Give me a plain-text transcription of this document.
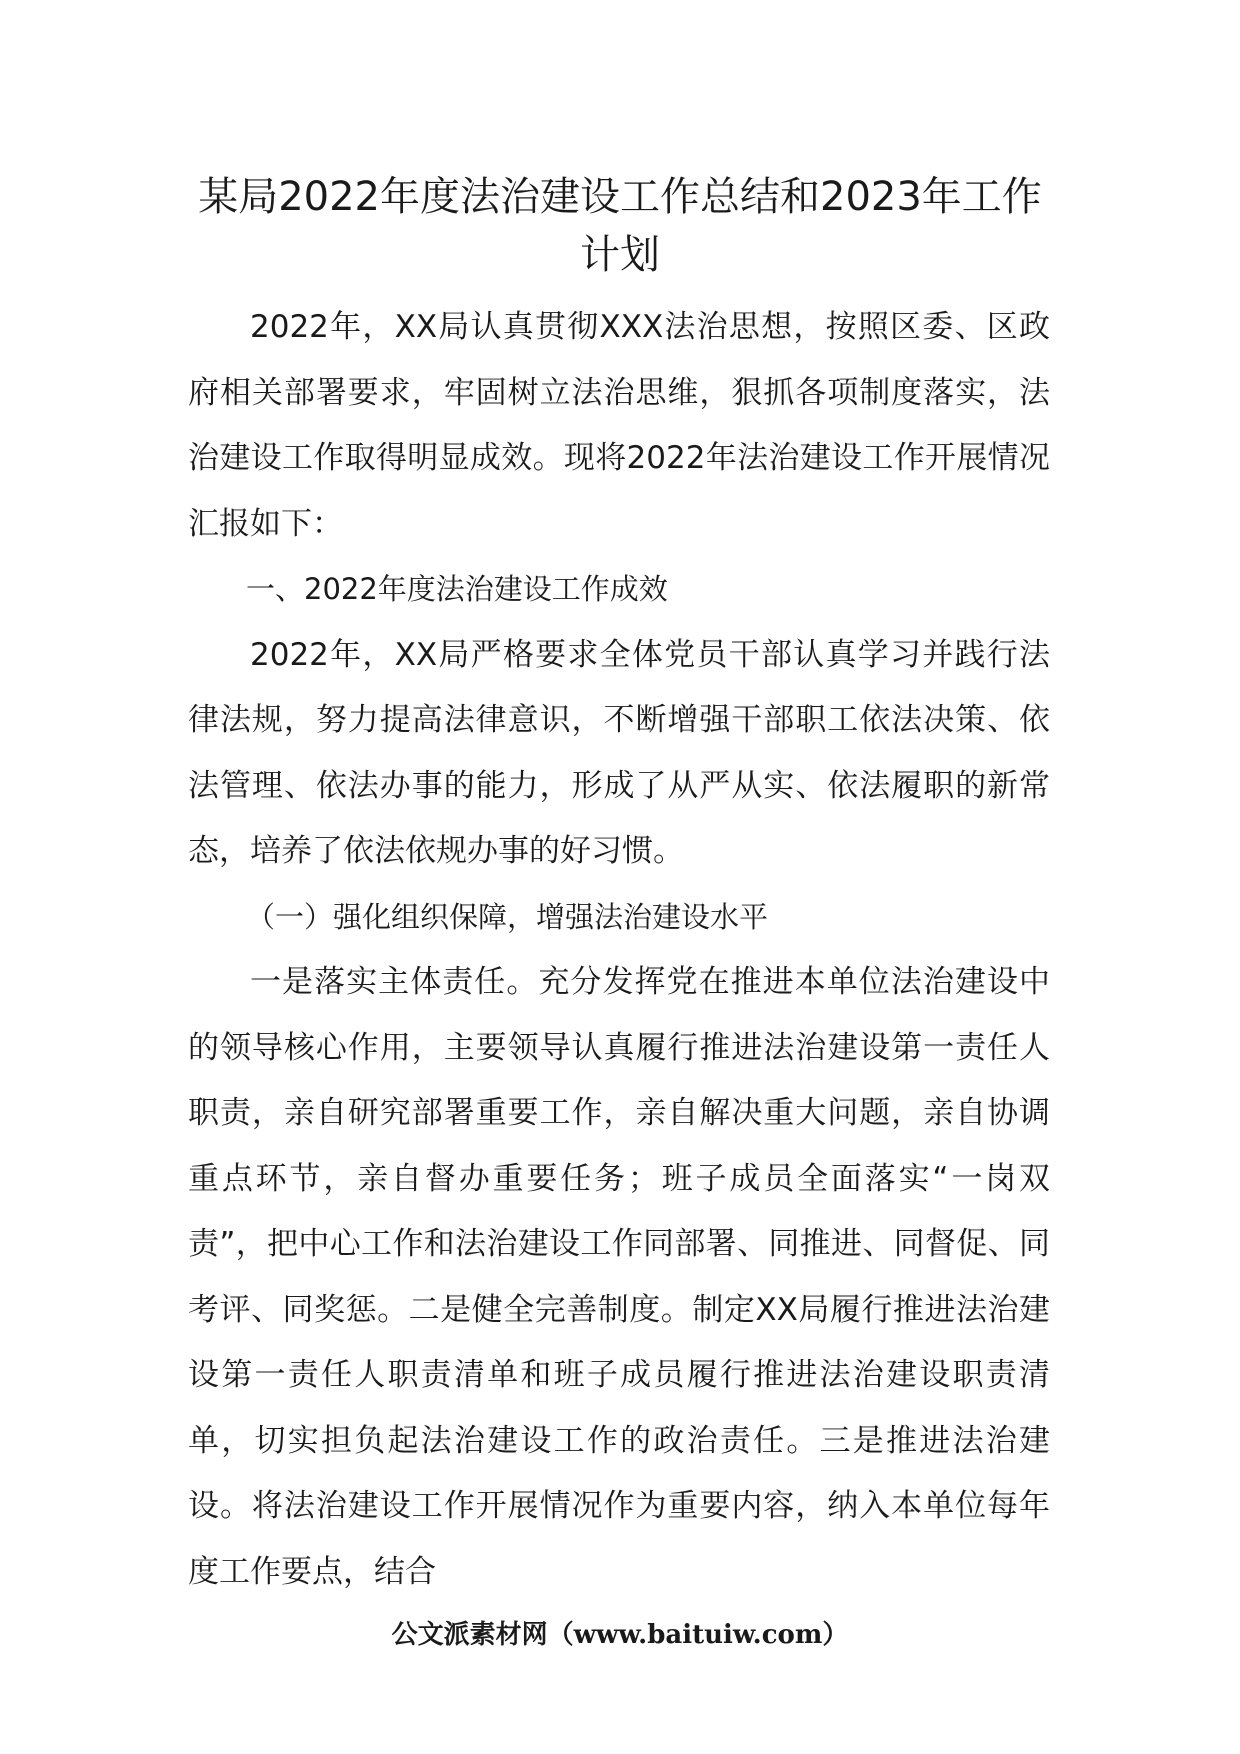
某局2022年度法治建设工作总结和2023年工作计划

2022年，XX局认真贯彻XXX法治思想，按照区委、区政府相关部署要求，牢固树立法治思维，狠抓各项制度落实，法治建设工作取得明显成效。现将2022年法治建设工作开展情况汇报如下：

一、2022年度法治建设工作成效

2022年，XX局严格要求全体党员干部认真学习并践行法律法规，努力提高法律意识，不断增强干部职工依法决策、依法管理、依法办事的能力，形成了从严从实、依法履职的新常态，培养了依法依规办事的好习惯。

（一）强化组织保障，增强法治建设水平

一是落实主体责任。充分发挥党在推进本单位法治建设中的领导核心作用，主要领导认真履行推进法治建设第一责任人职责，亲自研究部署重要工作，亲自解决重大问题，亲自协调重点环节，亲自督办重要任务；班子成员全面落实“一岗双责”，把中心工作和法治建设工作同部署、同推进、同督促、同考评、同奖惩。二是健全完善制度。制定XX局履行推进法治建设第一责任人职责清单和班子成员履行推进法治建设职责清单，切实担负起法治建设工作的政治责任。三是推进法治建设。将法治建设工作开展情况作为重要内容，纳入本单位每年度工作要点，结合

公文派素材网（www.baituiw.com）
